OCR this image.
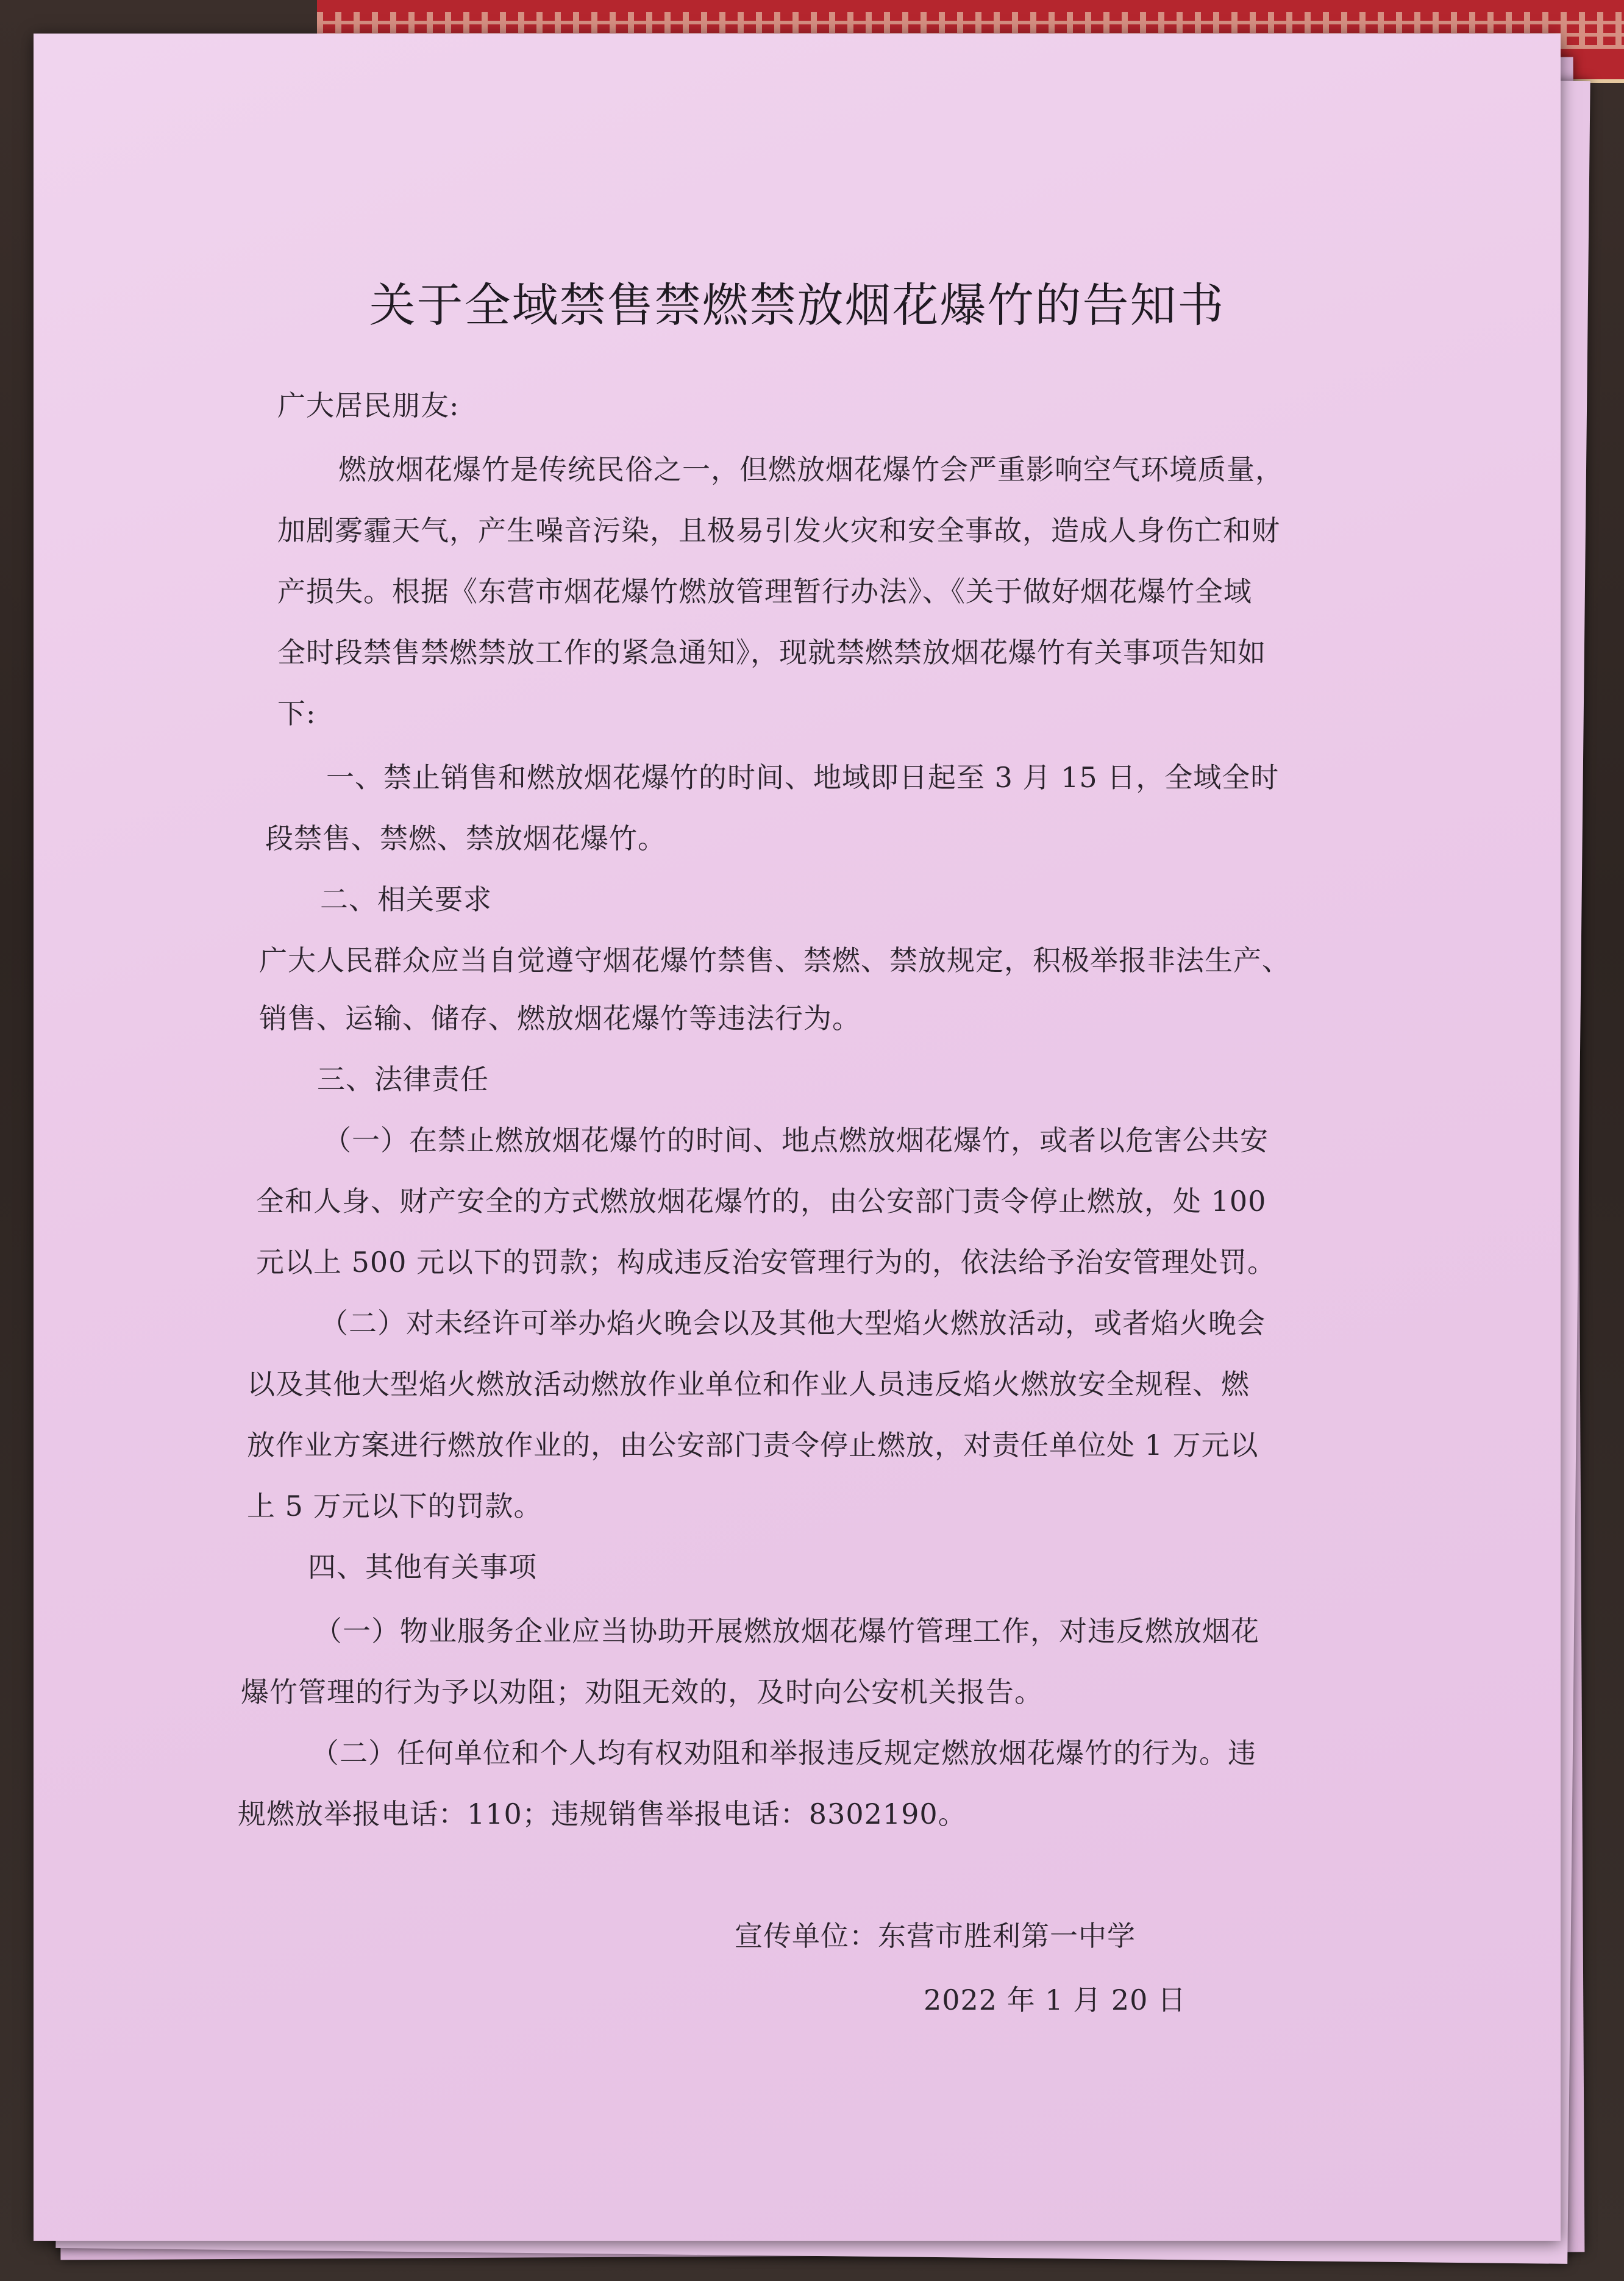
关于全域禁售禁燃禁放烟花爆竹的告知书
广大居民朋友:
燃放烟花爆竹是传统民俗之一，但燃放烟花爆竹会严重影响空气环境质量，
加剧雾霾天气，产生噪音污染，且极易引发火灾和安全事故，造成人身伤亡和财
产损失。根据《东营市烟花爆竹燃放管理暂行办法》、《关于做好烟花爆竹全域
全时段禁售禁燃禁放工作的紧急通知》，现就禁燃禁放烟花爆竹有关事项告知如
下:
一、禁止销售和燃放烟花爆竹的时间、地域即日起至 3 月 15 日，全域全时
段禁售、禁燃、禁放烟花爆竹。
二、相关要求
广大人民群众应当自觉遵守烟花爆竹禁售、禁燃、禁放规定，积极举报非法生产、
销售、运输、储存、燃放烟花爆竹等违法行为。
三、法律责任
（一）在禁止燃放烟花爆竹的时间、地点燃放烟花爆竹，或者以危害公共安
全和人身、财产安全的方式燃放烟花爆竹的，由公安部门责令停止燃放，处 100
元以上 500 元以下的罚款；构成违反治安管理行为的，依法给予治安管理处罚。
（二）对未经许可举办焰火晚会以及其他大型焰火燃放活动，或者焰火晚会
以及其他大型焰火燃放活动燃放作业单位和作业人员违反焰火燃放安全规程、燃
放作业方案进行燃放作业的，由公安部门责令停止燃放，对责任单位处 1 万元以
上 5 万元以下的罚款。
四、其他有关事项
（一）物业服务企业应当协助开展燃放烟花爆竹管理工作，对违反燃放烟花
爆竹管理的行为予以劝阻；劝阻无效的，及时向公安机关报告。
（二）任何单位和个人均有权劝阻和举报违反规定燃放烟花爆竹的行为。违
规燃放举报电话：110；违规销售举报电话：8302190。
宣传单位：东营市胜利第一中学
2022 年 1 月 20 日
